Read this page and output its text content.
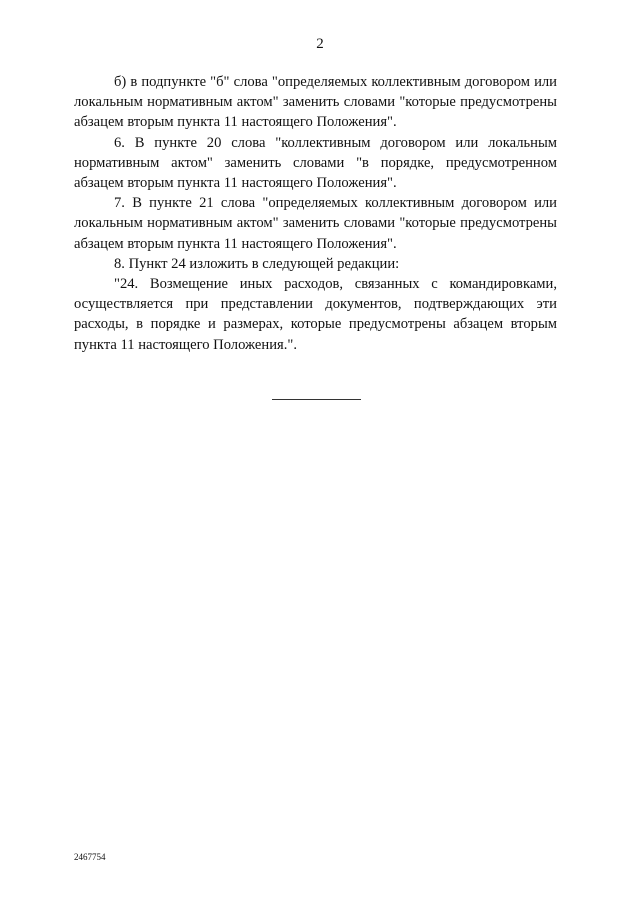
2

б) в подпункте "б" слова "определяемых коллективным договором или локальным нормативным актом" заменить словами "которые предусмотрены абзацем вторым пункта 11 настоящего Положения".

6. В пункте 20 слова "коллективным договором или локальным нормативным актом" заменить словами "в порядке, предусмотренном абзацем вторым пункта 11 настоящего Положения".

7. В пункте 21 слова "определяемых коллективным договором или локальным нормативным актом" заменить словами "которые предусмотрены абзацем вторым пункта 11 настоящего Положения".

8. Пункт 24 изложить в следующей редакции:

"24. Возмещение иных расходов, связанных с командировками, осуществляется при представлении документов, подтверждающих эти расходы, в порядке и размерах, которые предусмотрены абзацем вторым пункта 11 настоящего Положения.".

2467754
